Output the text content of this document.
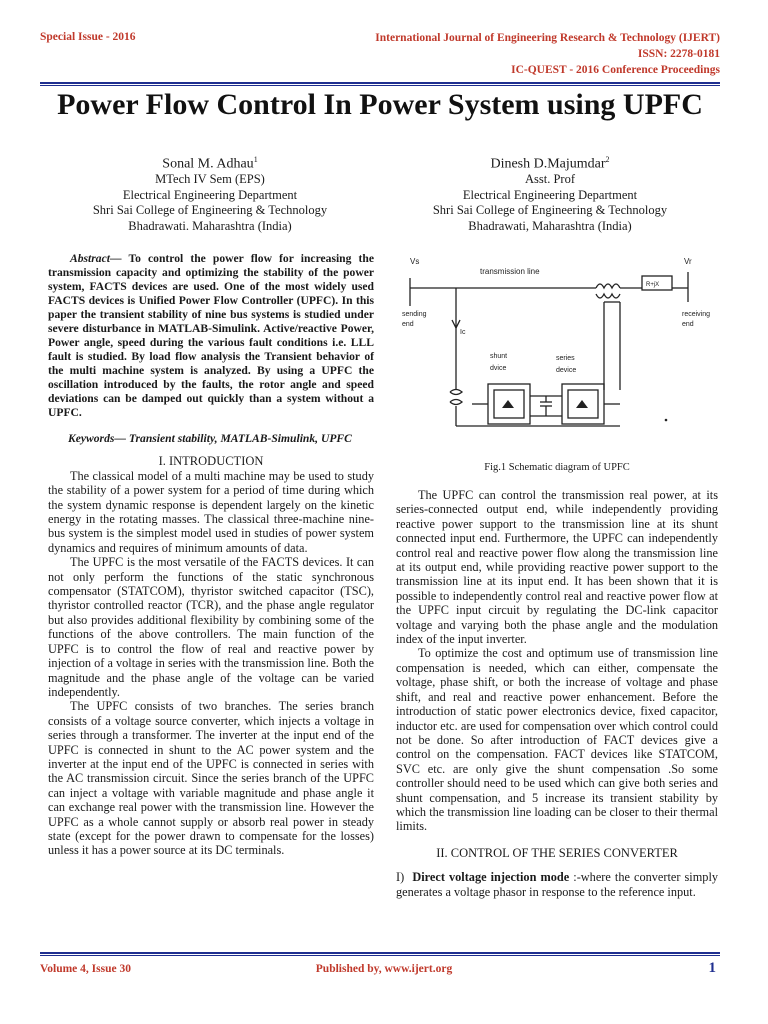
Special Issue - 2016	International Journal of Engineering Research & Technology (IJERT)
ISSN: 2278-0181
IC-QUEST - 2016 Conference Proceedings
Power Flow Control In Power System using UPFC
Sonal M. Adhau$^1$
MTech IV Sem (EPS)
Electrical Engineering Department
Shri Sai College of Engineering & Technology
Bhadrawati. Maharashtra (India)
Dinesh D.Majumdar$^2$
Asst. Prof
Electrical Engineering Department
Shri Sai College of Engineering & Technology
Bhadrawati, Maharashtra (India)

Abstract— To control the power flow for increasing the transmission capacity and optimizing the stability of the power system, FACTS devices are used. One of the most widely used FACTS devices is Unified Power Flow Controller (UPFC). In this paper the transient stability of nine bus systems is studied under severe disturbance in MATLAB-Simulink. Active/reactive Power, Power angle, speed during the various fault conditions i.e. LLL fault is studied. By load flow analysis the Transient behavior of the multi machine system is analyzed. By using a UPFC the oscillation introduced by the faults, the rotor angle and speed deviations can be damped out quickly than a system without a UPFC.

Keywords— Transient stability, MATLAB-Simulink, UPFC

I. INTRODUCTION

The classical model of a multi machine may be used to study the stability of a power system for a period of time during which the system dynamic response is dependent largely on the kinetic energy in the rotating masses. The classical three-machine nine-bus system is the simplest model used in studies of power system dynamics and requires of minimum amounts of data.

The UPFC is the most versatile of the FACTS devices. It can not only perform the functions of the static synchronous compensator (STATCOM), thyristor switched capacitor (TSC), thyristor controlled reactor (TCR), and the phase angle regulator but also provides additional flexibility by combining some of the functions of the above controllers. The main function of the UPFC is to control the flow of real and reactive power by injection of a voltage in series with the transmission line. Both the magnitude and the phase angle of the voltage can be varied independently.

The UPFC consists of two branches. The series branch consists of a voltage source converter, which injects a voltage in series through a transformer. The inverter at the input end of the UPFC is connected in shunt to the AC power system and the inverter at the input end of the UPFC is connected in series with the AC transmission circuit. Since the series branch of the UPFC can inject a voltage with variable magnitude and phase angle it can exchange real power with the transmission line. However the UPFC as a whole cannot supply or absorb real power in steady state (except for the power drawn to compensate for the losses) unless it has a power source at its DC terminals.

Vs	Vr
transmission line
R+jX
sending
end
receiving
end
Ic
shunt
dvice
series
device
Fig.1 Schematic diagram of UPFC

The UPFC can control the transmission real power, at its series-connected output end, while independently providing reactive power support to the transmission line at its shunt connected input end. Furthermore, the UPFC can independently control real and reactive power flow along the transmission line at its output end, while providing reactive power support to the transmission line at its input end. It has been shown that it is possible to independently control real and reactive power flow at the UPFC input circuit by regulating the DC-link capacitor voltage and varying both the phase angle and the modulation index of the input inverter.

To optimize the cost and optimum use of transmission line compensation is needed, which can either, compensate the voltage, phase shift, or both the increase of voltage and phase shift, and real and reactive power enhancement. Before the introduction of static power electronics device, fixed capacitor, inductor etc. are used for compensation over which control could not be done. So after introduction of FACT devices give a control on the compensation. FACT devices like STATCOM, SVC etc. are only give the shunt compensation .So some controller should need to be used which can give both series and shunt compensation, and 5 increase its transient stability by which the transmission line loading can be closer to their thermal limits.

II. CONTROL OF THE SERIES CONVERTER

I) Direct voltage injection mode :-where the converter simply generates a voltage phasor in response to the reference input.

Volume 4, Issue 30	Published by, www.ijert.org	1
